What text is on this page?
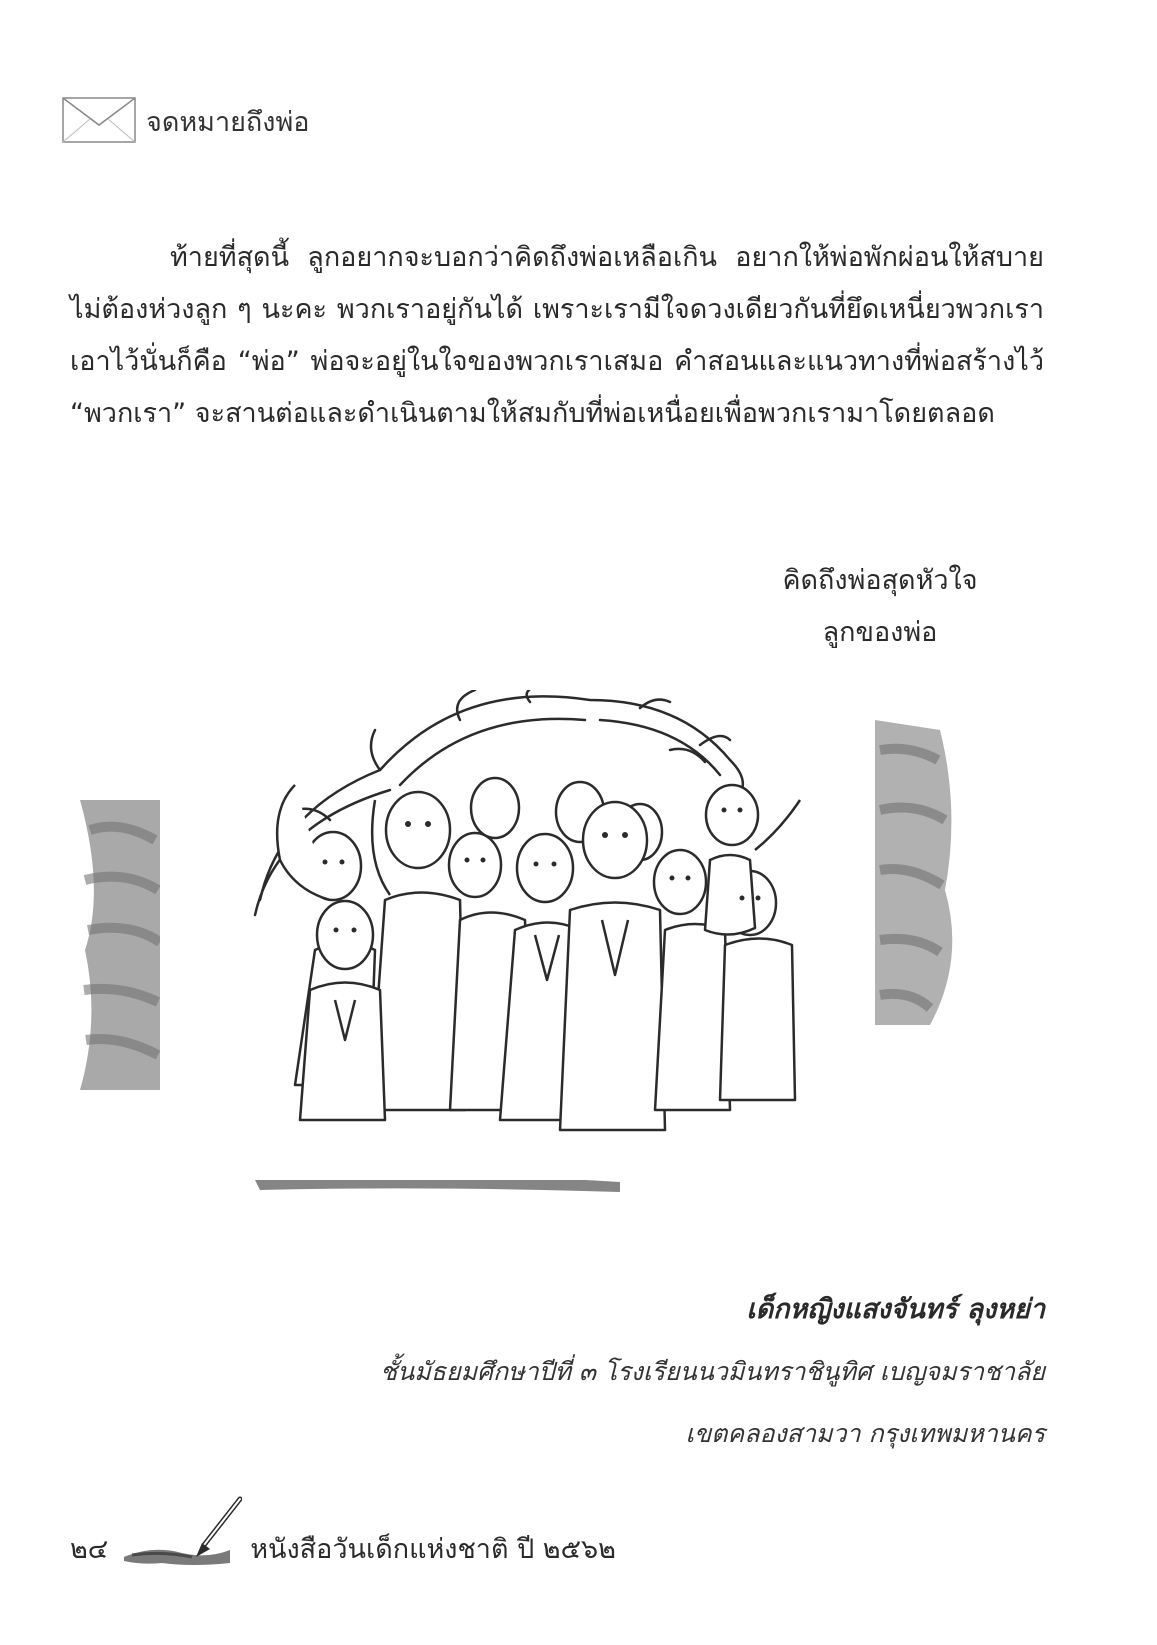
จดหมายถึงพ่อ

ท้ายที่สุดนี้ ลูกอยากจะบอกว่าคิดถึงพ่อเหลือเกิน อยากให้พ่อพักผ่อนให้สบาย ไม่ต้องห่วงลูก ๆ นะคะ พวกเราอยู่กันได้ เพราะเรามีใจดวงเดียวกันที่ยึดเหนี่ยวพวกเราเอาไว้นั่นก็คือ “พ่อ” พ่อจะอยู่ในใจของพวกเราเสมอ คำสอนและแนวทางที่พ่อสร้างไว้ “พวกเรา” จะสานต่อและดำเนินตามให้สมกับที่พ่อเหนื่อยเพื่อพวกเรามาโดยตลอด

คิดถึงพ่อสุดหัวใจ
ลูกของพ่อ
เด็กหญิงแสงจันทร์ ลุงหย่า
ชั้นมัธยมศึกษาปีที่ ๓ โรงเรียนนวมินทราชินูทิศ เบญจมราชาลัย
เขตคลองสามวา กรุงเทพมหานคร
๒๔	หนังสือวันเด็กแห่งชาติ ปี ๒๕๖๒
